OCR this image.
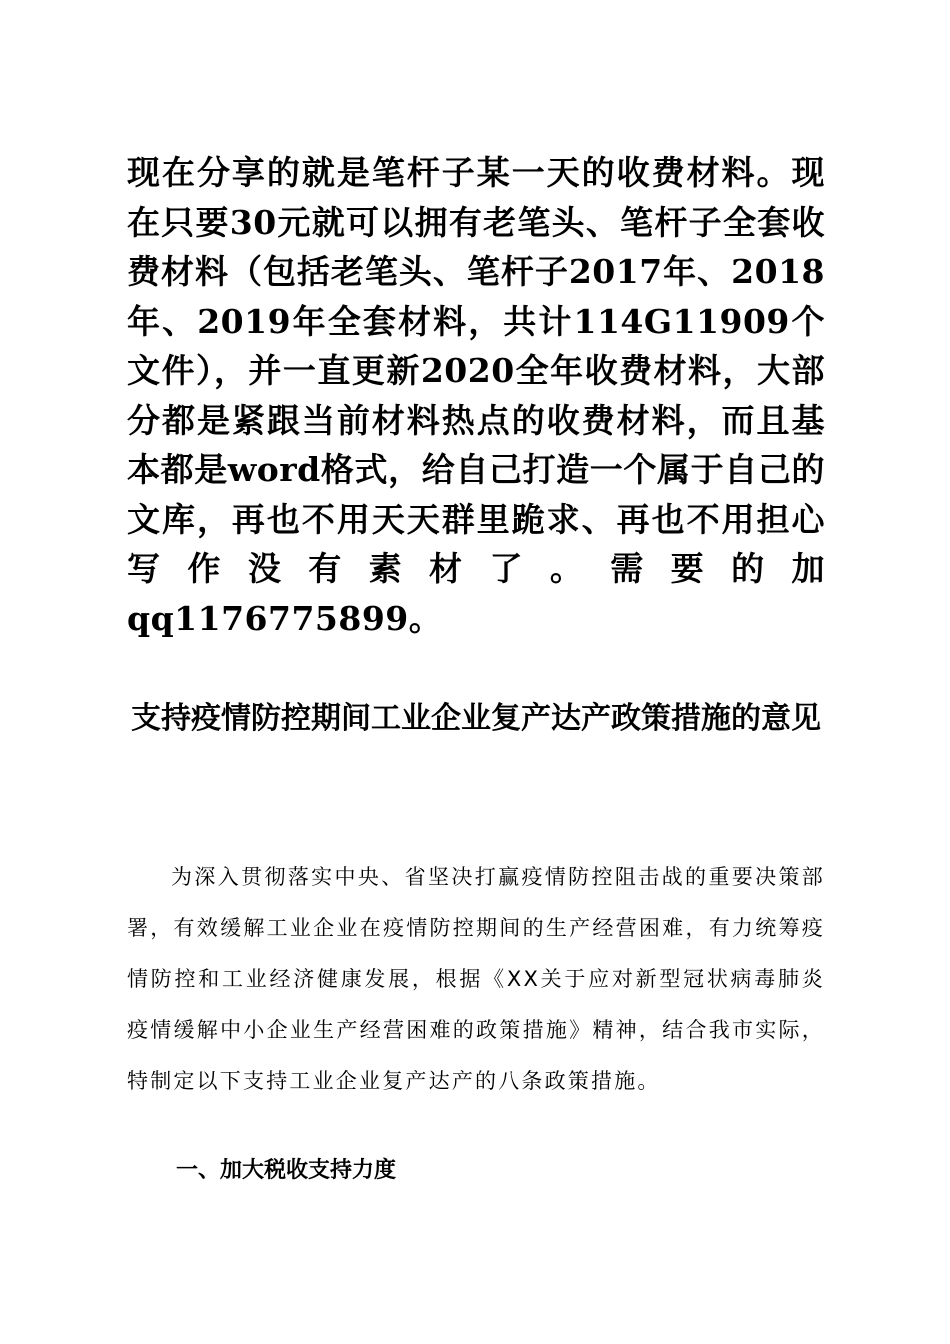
现在分享的就是笔杆子某一天的收费材料。现在只要30元就可以拥有老笔头、笔杆子全套收费材料（包括老笔头、笔杆子2017年、2018年、2019年全套材料，共计114G11909个文件），并一直更新2020全年收费材料，大部分都是紧跟当前材料热点的收费材料，而且基本都是word格式，给自己打造一个属于自己的文库，再也不用天天群里跪求、再也不用担心写作没有素材了。需要的加qq1176775899。
支持疫情防控期间工业企业复产达产政策措施的意见

为深入贯彻落实中央、省坚决打赢疫情防控阻击战的重要决策部署，有效缓解工业企业在疫情防控期间的生产经营困难，有力统筹疫情防控和工业经济健康发展，根据《XX关于应对新型冠状病毒肺炎疫情缓解中小企业生产经营困难的政策措施》精神，结合我市实际，特制定以下支持工业企业复产达产的八条政策措施。

一、加大税收支持力度
